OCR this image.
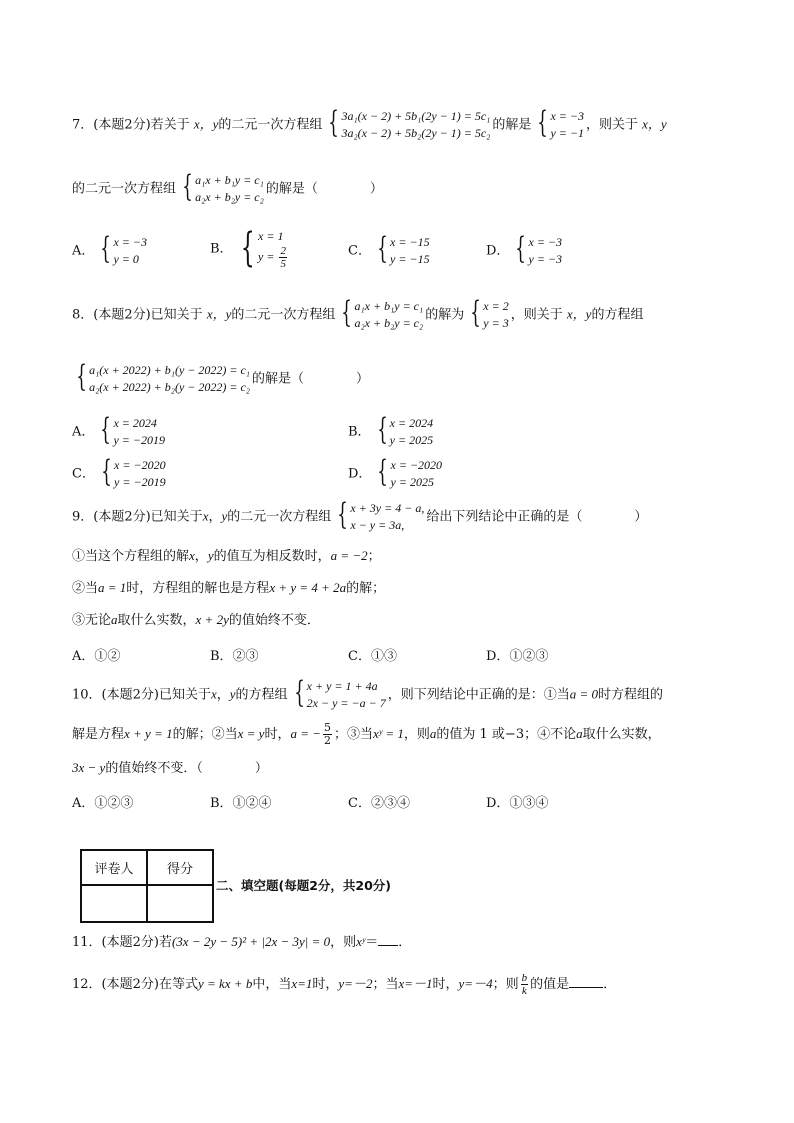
7．(本题2分)若关于 x，y的二元一次方程组 { 3a₁(x − 2) + 5b₁(2y − 1) = 5c₁
3a₂(x − 2) + 5b₂(2y − 1) = 5c₂
的解是 { x = −3
y = −1
，则关于 x，y
的二元一次方程组 { a₁x + b₁y = c₁
a₂x + b₂y = c₂
的解是（　　　　）
A． { x = −3
y = 0
B． { x = 1
$y = \frac{2}{5}$	C． { x = −15
y = −15
D． { x = −3
y = −3
8．(本题2分)已知关于 x，y的二元一次方程组 { a₁x + b₁y = c₁
a₂x + b₂y = c₂
的解为 { x = 2
y = 3
，则关于 x，y的方程组
{ a₁(x + 2022) + b₁(y − 2022) = c₁
a₂(x + 2022) + b₂(y − 2022) = c₂
的解是（　　　　）
A． { x = 2024
y = −2019
B． { x = 2024
y = 2025
C． { x = −2020
y = −2019
D． { x = −2020
y = 2025
9．(本题2分)已知关于x，y的二元一次方程组 { x + 3y = 4 − a,
x − y = 3a,
给出下列结论中正确的是（　　　　）
①当这个方程组的解x，y的值互为相反数时，a = −2；
②当a = 1时，方程组的解也是方程x + y = 4 + 2a的解；
③无论a取什么实数，x + 2y的值始终不变．
A．①②	B．②③	C．①③	D．①②③
10．(本题2分)已知关于x，y的方程组 { x + y = 1 + 4a
2x − y = −a − 7
，则下列结论中正确的是：①当a = 0时方程组的
解是方程x + y = 1的解；②当x = y时，a = − $\frac{5}{2}$ ；③当xʸ = 1，则a的值为 1 或−3；④不论a取什么实数，
3x − y的值始终不变．（　　　　）
A．①②③	B．①②④	C．②③④	D．①③④
评卷人	得分

二、填空题(每题2分，共20分)
11．(本题2分)若(3x − 2y − 5)² + |2x − 3y| = 0，则xʸ＝ ．
12．(本题2分)在等式y = kx + b中，当x=1时，y=－2；当x=－1时，y=－4；则 $\frac{b}{k}$ 的值是	．
